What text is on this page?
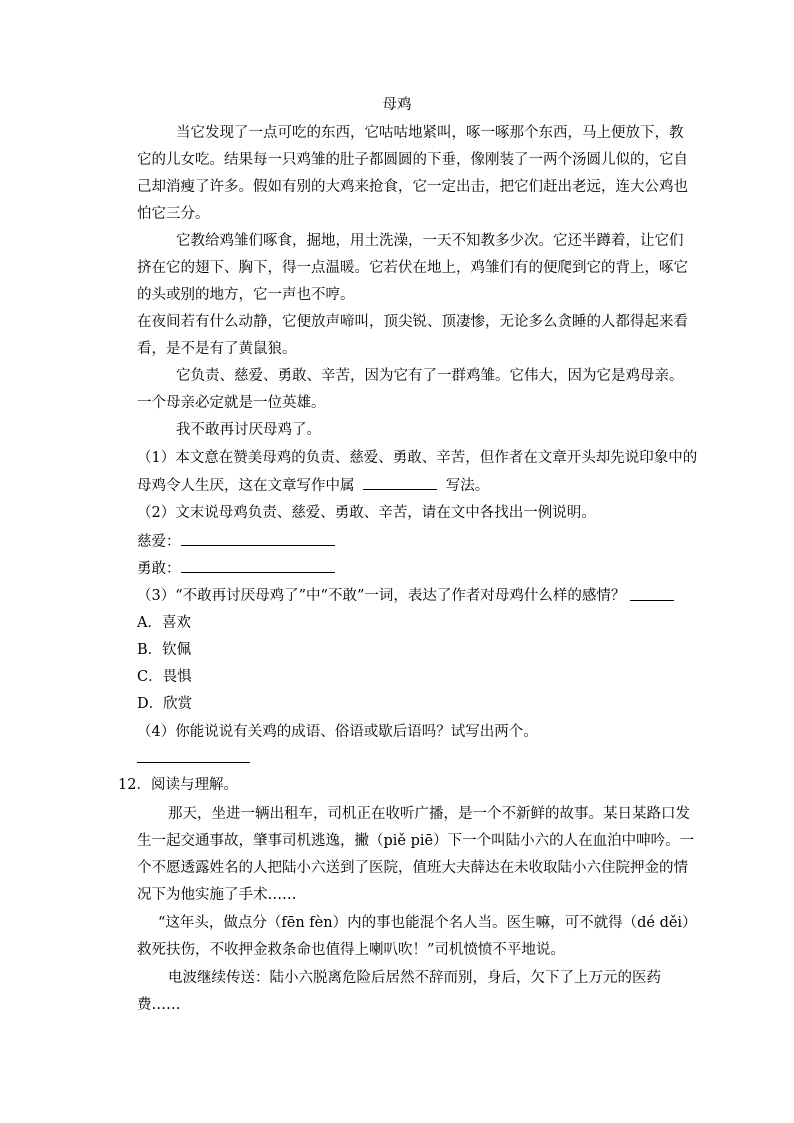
母鸡
当它发现了一点可吃的东西，它咕咕地紧叫，啄一啄那个东西，马上便放下，教
它的儿女吃。结果每一只鸡雏的肚子都圆圆的下垂，像刚装了一两个汤圆儿似的，它自
己却消瘦了许多。假如有别的大鸡来抢食，它一定出击，把它们赶出老远，连大公鸡也
怕它三分。
它教给鸡雏们啄食，掘地，用土洗澡，一天不知教多少次。它还半蹲着，让它们
挤在它的翅下、胸下，得一点温暖。它若伏在地上，鸡雏们有的便爬到它的背上，啄它
的头或别的地方，它一声也不哼。
在夜间若有什么动静，它便放声啼叫，顶尖锐、顶凄惨，无论多么贪睡的人都得起来看
看，是不是有了黄鼠狼。
它负责、慈爱、勇敢、辛苦，因为它有了一群鸡雏。它伟大，因为它是鸡母亲。
一个母亲必定就是一位英雄。
我不敢再讨厌母鸡了。
（1）本文意在赞美母鸡的负责、慈爱、勇敢、辛苦，但作者在文章开头却先说印象中的
母鸡令人生厌，这在文章写作中属	写法。
（2）文末说母鸡负责、慈爱、勇敢、辛苦，请在文中各找出一例说明。
慈爱：
勇敢：
（3）“不敢再讨厌母鸡了”中“不敢”一词，表达了作者对母鸡什么样的感情？
A．喜欢
B．钦佩
C．畏惧
D．欣赏
（4）你能说说有关鸡的成语、俗语或歇后语吗？试写出两个。
12．阅读与理解。
那天，坐进一辆出租车，司机正在收听广播，是一个不新鲜的故事。某日某路口发
生一起交通事故，肇事司机逃逸，撇（piě piē）下一个叫陆小六的人在血泊中呻吟。一
个不愿透露姓名的人把陆小六送到了医院，值班大夫薛达在未收取陆小六住院押金的情
况下为他实施了手术……
“这年头，做点分（fēn fèn）内的事也能混个名人当。医生嘛，可不就得（dé děi）
救死扶伤，不收押金救条命也值得上喇叭吹！”司机愤愤不平地说。
电波继续传送：陆小六脱离危险后居然不辞而别，身后，欠下了上万元的医药
费……
